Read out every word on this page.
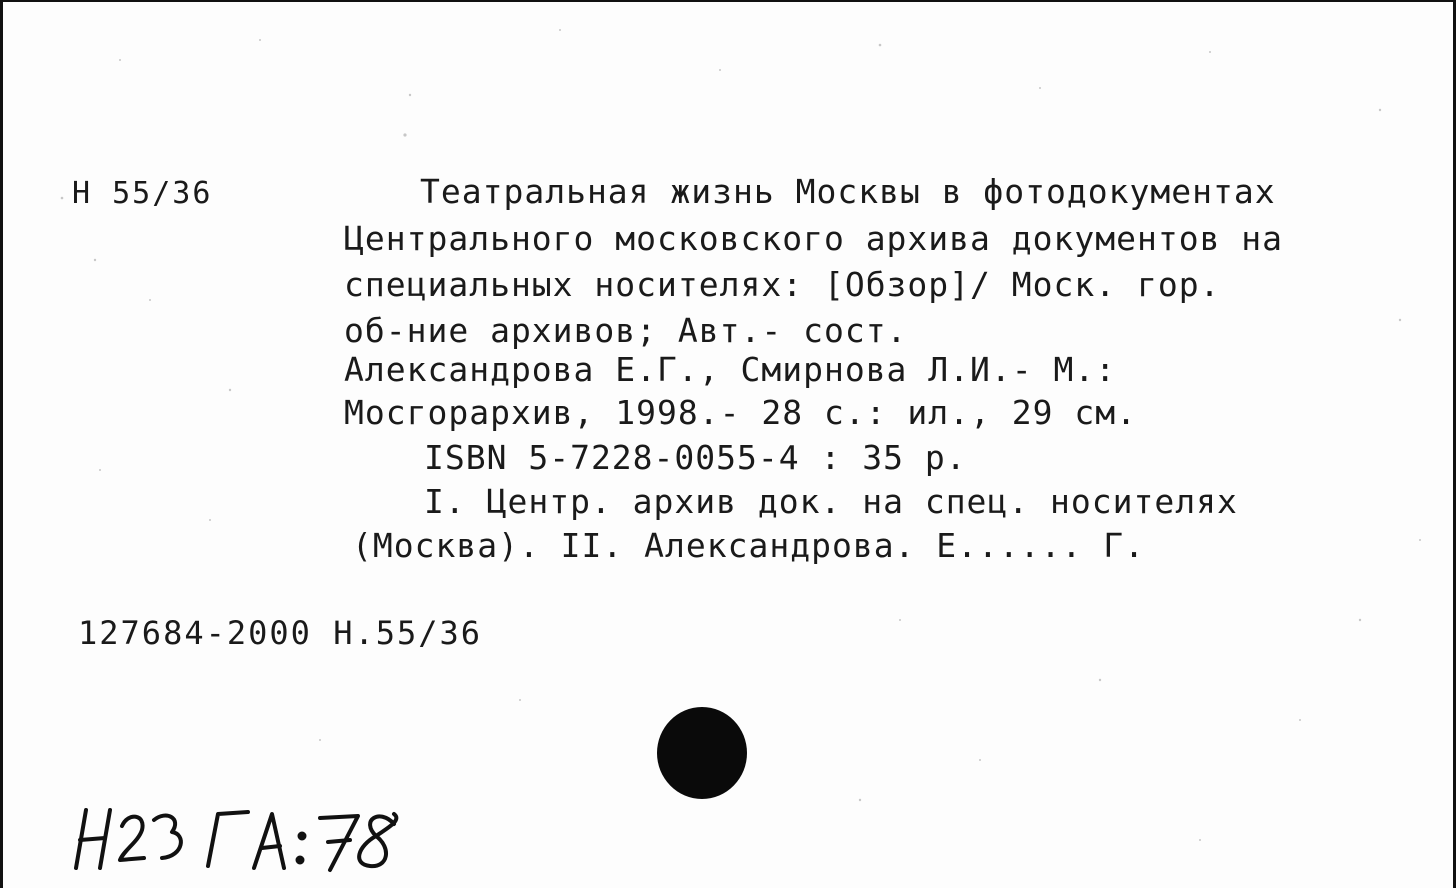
Н 55/36	Театральная жизнь Москвы в фотодокументах
Центрального московского архива документов на
специальных носителях: [Обзор]/ Моск. гор.
об-ние архивов; Авт.- сост.
Александрова Е.Г., Смирнова Л.И.- М.:
Мосгорархив, 1998.- 28 с.: ил., 29 см.
ISBN 5-7228-0055-4 : 35 р.
I. Центр. архив док. на спец. носителях
(Москва). II. Александрова. Е...... Г.
127684-2000 Н.55/36
